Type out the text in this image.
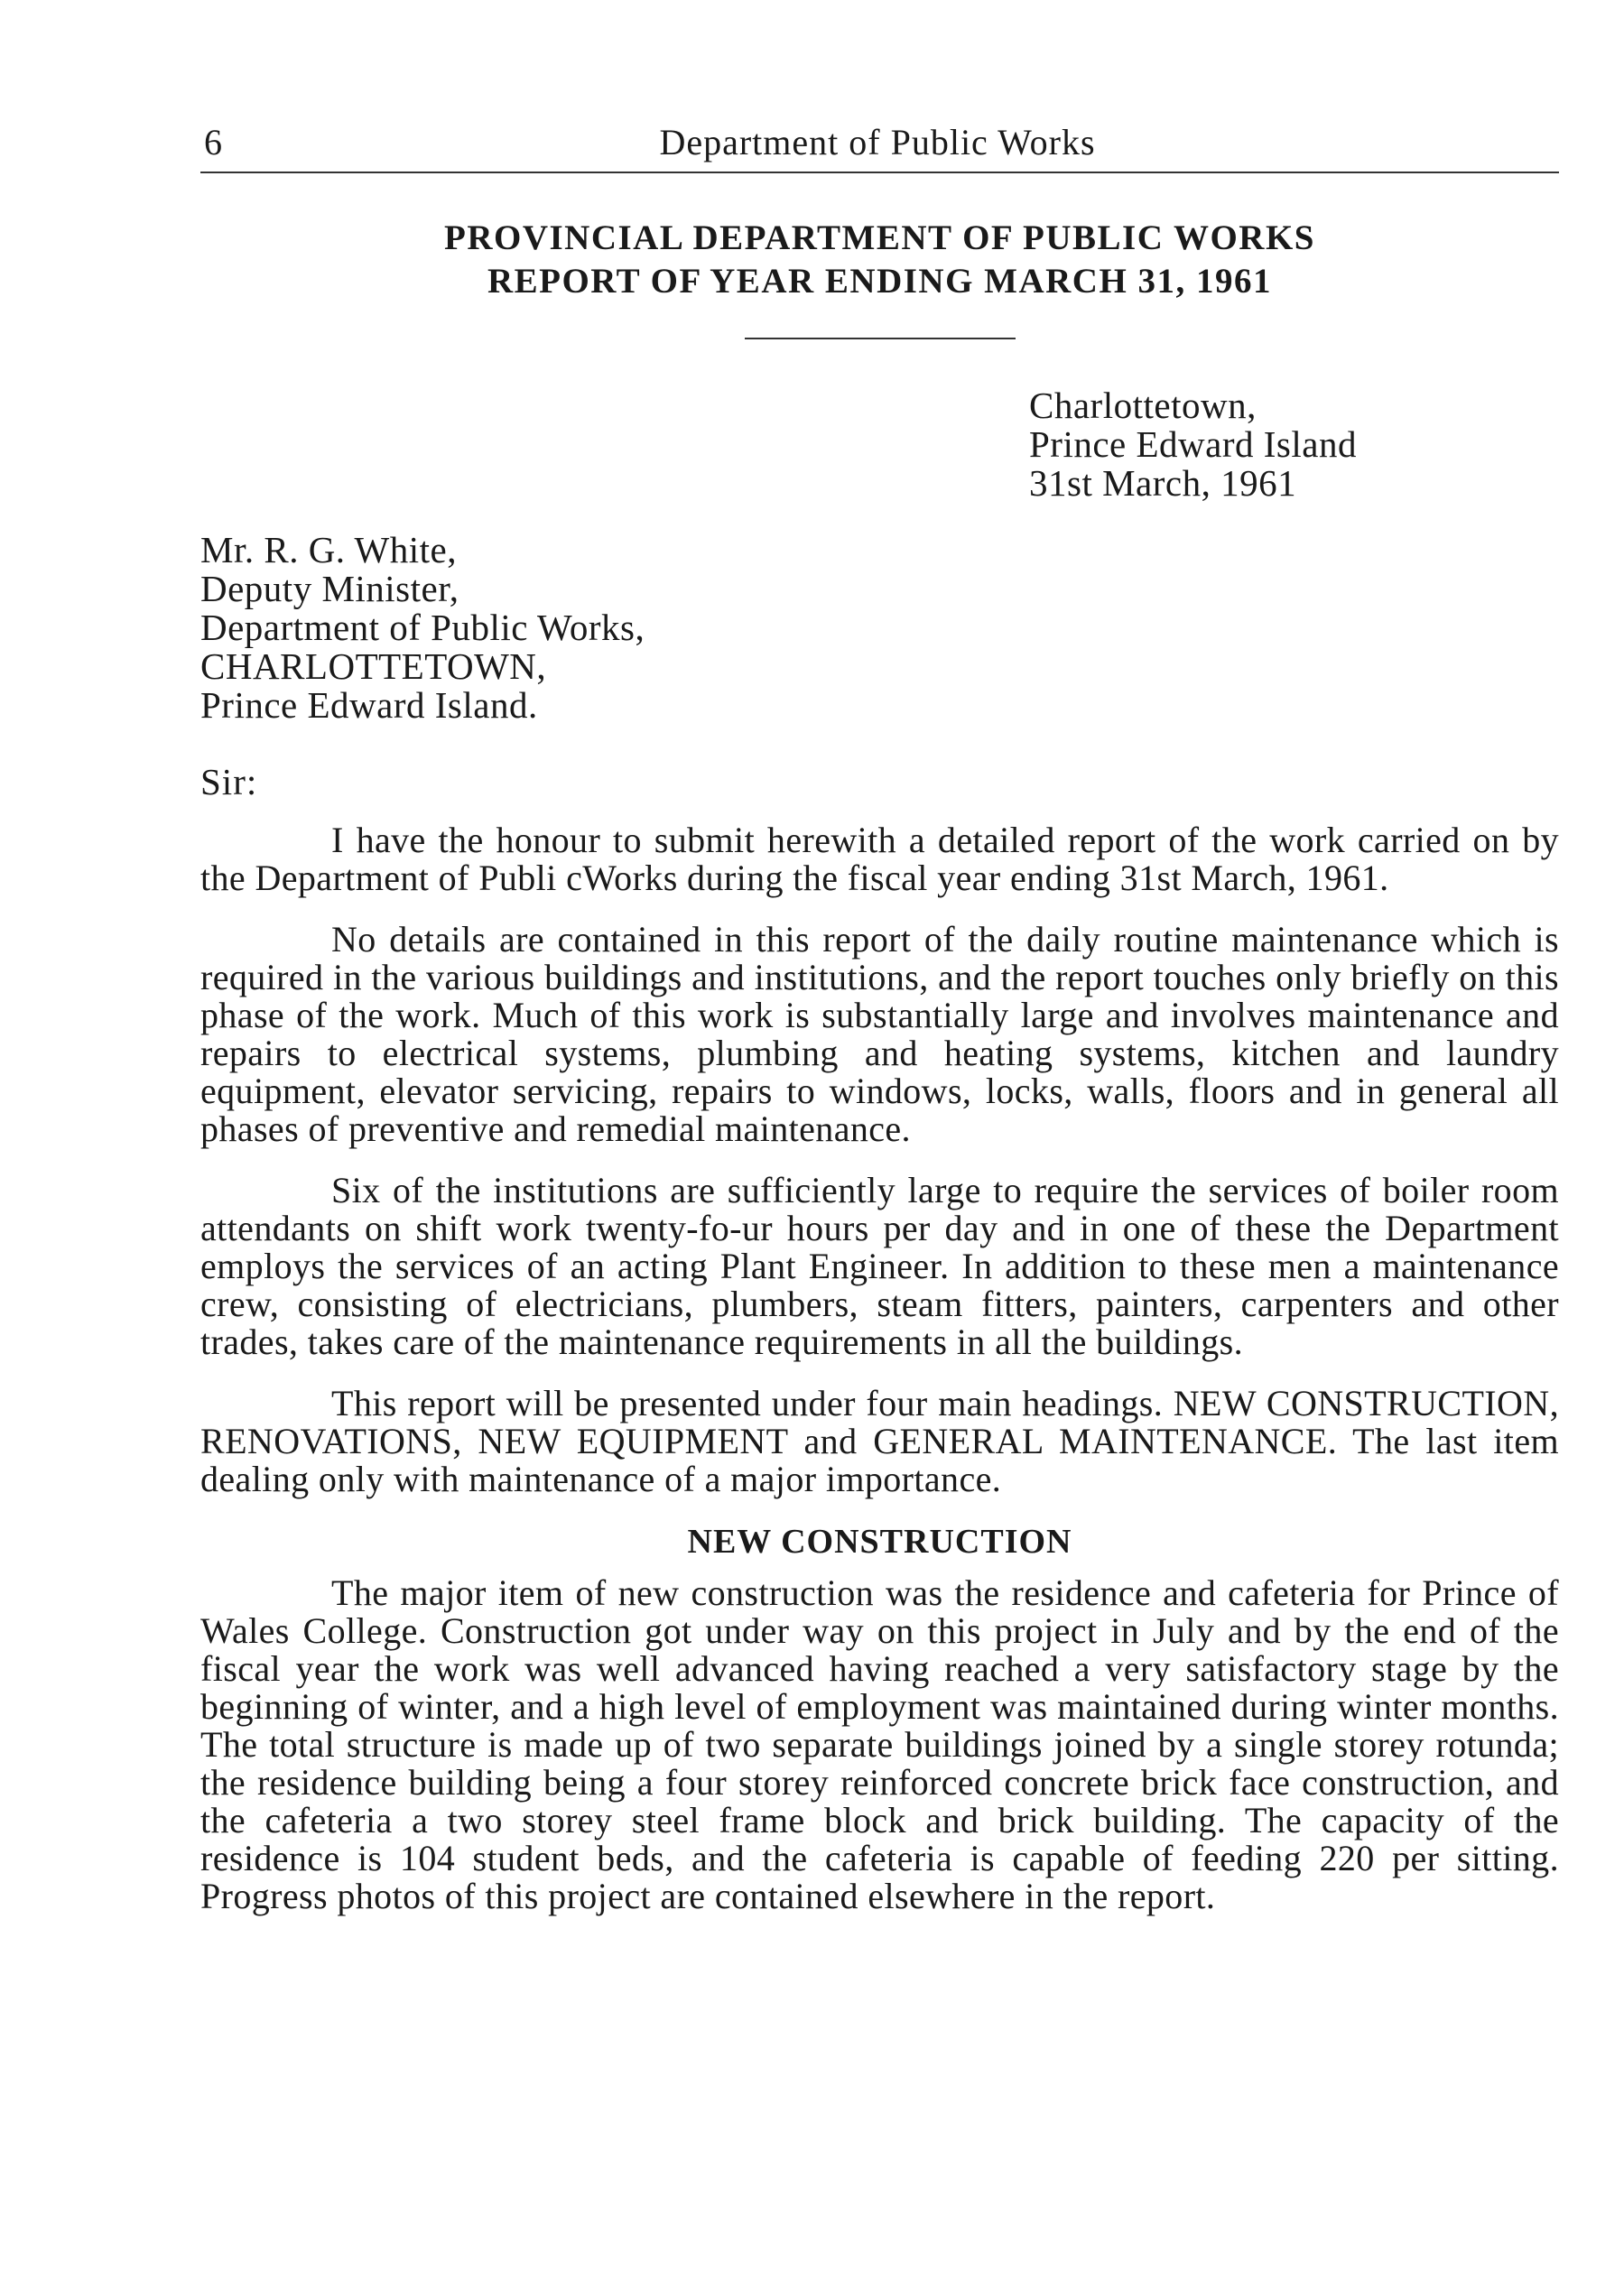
6	Department of Public Works
PROVINCIAL DEPARTMENT OF PUBLIC WORKS
REPORT OF YEAR ENDING MARCH 31, 1961
Charlottetown,
Prince Edward Island
31st March, 1961
Mr. R. G. White,
Deputy Minister,
Department of Public Works,
CHARLOTTETOWN,
Prince Edward Island.
Sir:

I have the honour to submit herewith a detailed report of the work carried on by the Department of Publi cWorks during the fiscal year ending 31st March, 1961.

No details are contained in this report of the daily routine maintenance which is required in the various buildings and institutions, and the report touches only briefly on this phase of the work. Much of this work is substantially large and involves maintenance and repairs to electrical systems, plumbing and heating systems, kitchen and laundry equipment, elevator servicing, repairs to windows, locks, walls, floors and in general all phases of preventive and remedial maintenance.

Six of the institutions are sufficiently large to require the services of boiler room attendants on shift work twenty-fo-ur hours per day and in one of these the Department employs the services of an acting Plant Engineer. In addition to these men a maintenance crew, consisting of electricians, plumbers, steam fitters, painters, carpenters and other trades, takes care of the maintenance requirements in all the buildings.

This report will be presented under four main headings. NEW CONSTRUCTION, RENOVATIONS, NEW EQUIPMENT and GENERAL MAINTENANCE. The last item dealing only with maintenance of a major importance.

NEW CONSTRUCTION

The major item of new construction was the residence and cafeteria for Prince of Wales College. Construction got under way on this project in July and by the end of the fiscal year the work was well advanced having reached a very satisfactory stage by the beginning of winter, and a high level of employment was maintained during winter months. The total structure is made up of two separate buildings joined by a single storey rotunda; the residence building being a four storey reinforced concrete brick face construction, and the cafeteria a two storey steel frame block and brick building. The capacity of the residence is 104 student beds, and the cafeteria is capable of feeding 220 per sitting. Progress photos of this project are contained elsewhere in the report.
